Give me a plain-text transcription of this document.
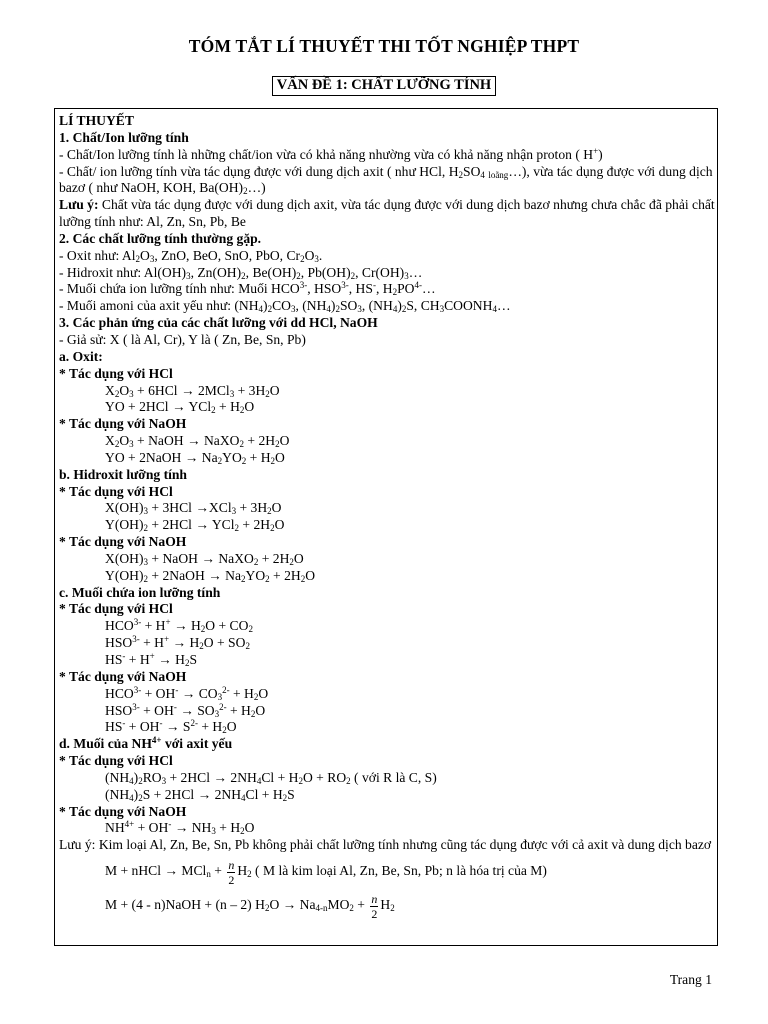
TÓM TẮT LÍ THUYẾT THI TỐT NGHIỆP THPT
VẤN ĐỀ 1: CHẤT LƯỠNG TÍNH
LÍ THUYẾT
1. Chất/Ion lưỡng tính
- Chất/Ion lưỡng tính là những chất/ion vừa có khả năng nhường vừa có khả năng nhận proton ( H+)
- Chất/ ion lưỡng tính vừa tác dụng được với dung dịch axit ( như HCl, $H_2SO_4$ $_{loãng}$…), vừa tác dụng được với dung dịch bazơ ( như NaOH, KOH, $Ba(OH)_2\dots$)
Lưu ý: Chất vừa tác dụng được với dung dịch axit, vừa tác dụng được với dung dịch bazơ nhưng chưa chắc đã phải chất lưỡng tính như: Al, Zn, Sn, Pb, Be
2. Các chất lưỡng tính thường gặp.
- Oxit như: $Al_2O_3$, ZnO, BeO, SnO, PbO, $Cr_2O_3$.
- Hidroxit như: $Al(OH)_3$, $Zn(OH)_2$, $Be(OH)_2$, $Pb(OH)_2$, $Cr(OH)_3\dots$
- Muối chứa ion lưỡng tính như: Muối $HCO^{3-}$, $HSO^{3-}$, HS-, $H_2PO^{4-}\dots$
- Muối amoni của axit yếu như: $(NH_4)_2CO_3$, $(NH_4)_2SO_3$, $(NH_4)_2S$, $CH_3COONH_4\dots$
3. Các phản ứng của các chất lưỡng với dd HCl, NaOH
- Giả sử: X ( là Al, Cr), Y là ( Zn, Be, Sn, Pb)
a. Oxit:
* Tác dụng với HCl
$X_2O_3 + 6HCl \to 2MCl_3 + 3H_2O$
YO + $2HCl \to YCl_2 + H_2O$
* Tác dụng với NaOH
$X_2O_3$ + NaOH → NaXO$_2$ + $2H_2O$
YO + 2NaOH → $Na_2YO_2 + H_2O$
b. Hidroxit lưỡng tính
* Tác dụng với HCl
$X(OH)_3 + 3HCl \to XCl_3 + 3H_2O$
$Y(OH)_2 + 2HCl \to YCl_2 + 2H_2O$
* Tác dụng với NaOH
$X(OH)_3$ + NaOH → NaXO$_2$ + $2H_2O$
$Y(OH)_2$ + 2NaOH → $Na_2YO_2 + 2H_2O$
c. Muối chứa ion lưỡng tính
* Tác dụng với HCl
$HCO^{3-} + H^+ \to H_2O + CO_2$
$HSO^{3-} + H^+ \to H_2O + SO_2$
$HS^- + H^+ \to H_2S$
* Tác dụng với NaOH
$HCO^{3-} + OH^- \to CO_3^{2-} + H_2O$
$HSO^{3-} + OH^- \to SO_3^{2-} + H_2O$
$HS^- + OH^- \to S^{2-} + H_2O$
d. Muối của $NH^{4+}$ với axit yếu
* Tác dụng với HCl
$(NH_4)_2RO_3 + 2HCl \to 2NH_4Cl + H_2O + RO_2$ ( với R là C, S)
$(NH_4)_2S + 2HCl \to 2NH_4Cl + H_2S$
* Tác dụng với NaOH
$NH^{4+} + OH^- \to NH_3 + H_2O$
Lưu ý: Kim loại Al, Zn, Be, Sn, Pb không phải chất lưỡng tính nhưng cũng tác dụng được với cả axit và dung dịch bazơ
M + nHCl → $MCl_n + \frac{n}{2} H_2$ ( M là kim loại Al, Zn, Be, Sn, Pb; n là hóa trị của M)
M + (4 - n)NaOH + (n – 2) $H_2O \to Na_{4-n}MO_2 + \frac{n}{2} H_2$
Trang 1
